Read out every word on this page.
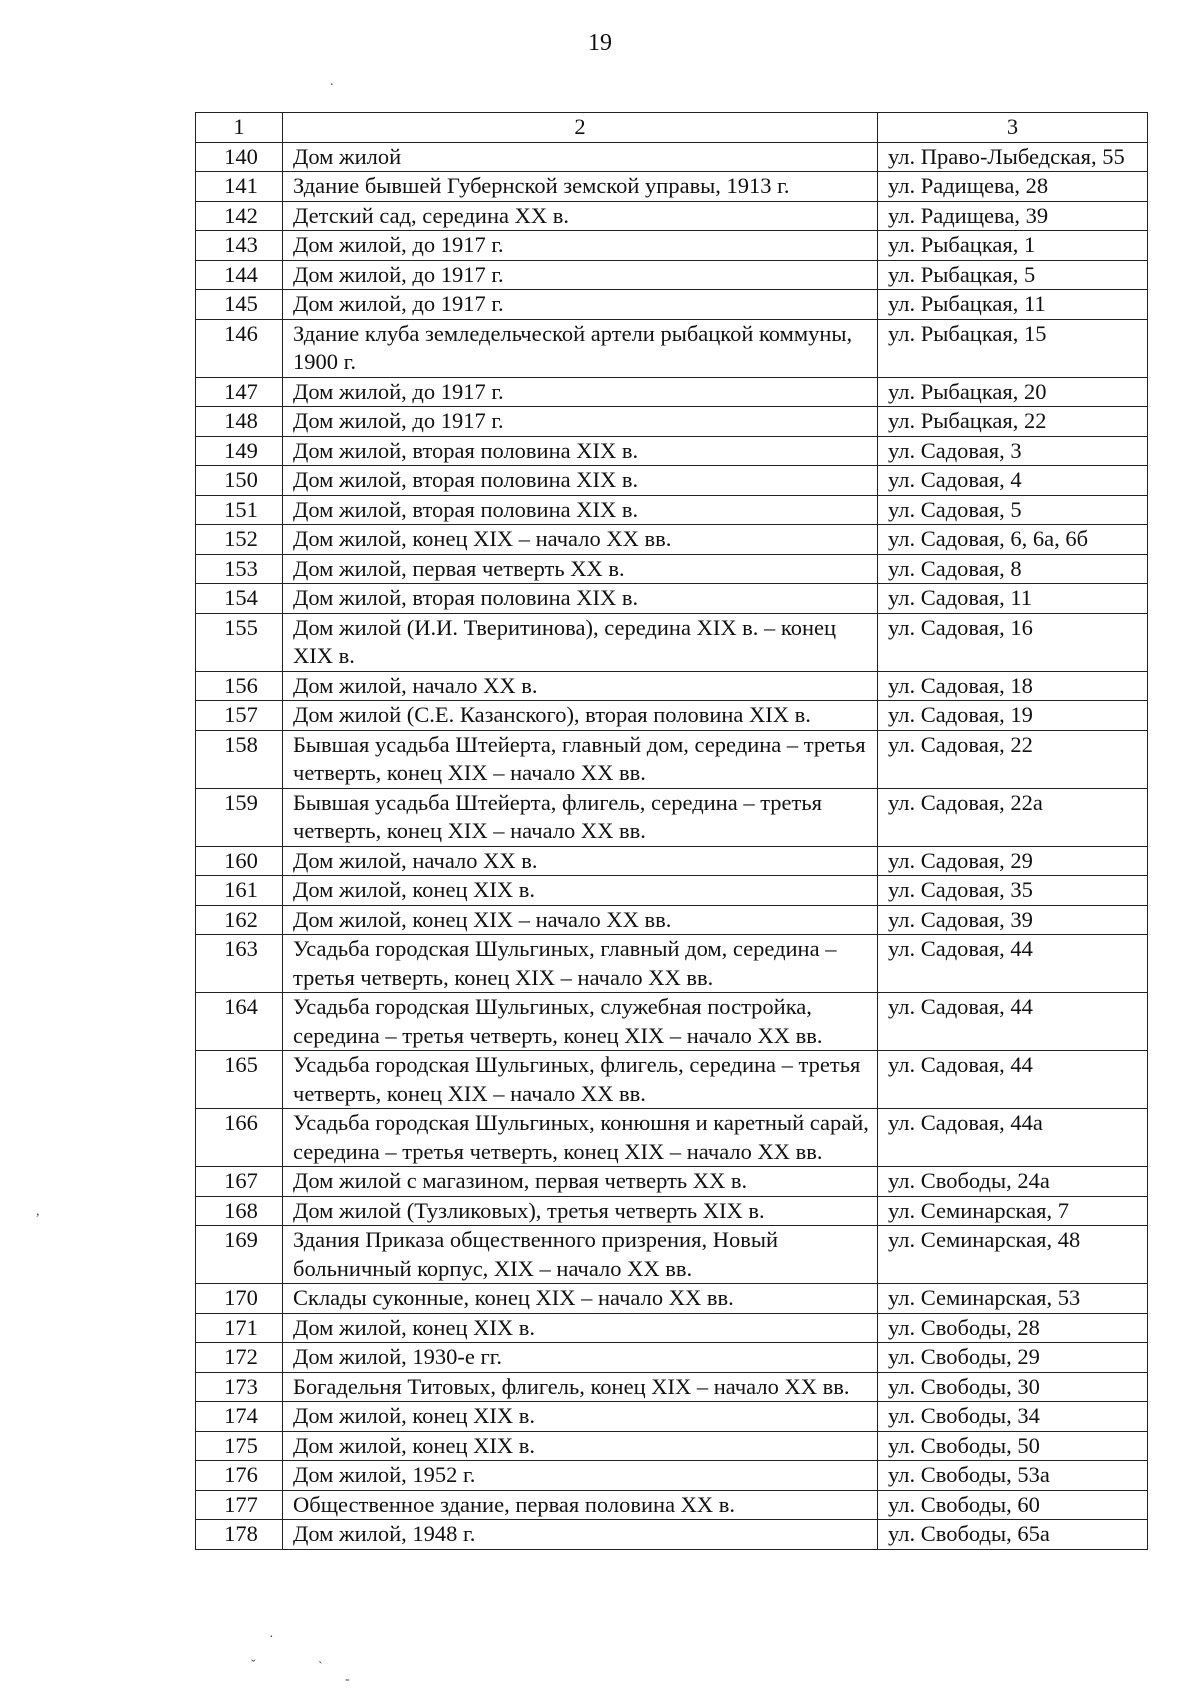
19
1	2	3
140	Дом жилой	ул. Право-Лыбедская, 55
141	Здание бывшей Губернской земской управы, 1913 г.	ул. Радищева, 28
142	Детский сад, середина XX в.	ул. Радищева, 39
143	Дом жилой, до 1917 г.	ул. Рыбацкая, 1
144	Дом жилой, до 1917 г.	ул. Рыбацкая, 5
145	Дом жилой, до 1917 г.	ул. Рыбацкая, 11
146	Здание клуба земледельческой артели рыбацкой коммуны, 1900 г.	ул. Рыбацкая, 15
147	Дом жилой, до 1917 г.	ул. Рыбацкая, 20
148	Дом жилой, до 1917 г.	ул. Рыбацкая, 22
149	Дом жилой, вторая половина XIX в.	ул. Садовая, 3
150	Дом жилой, вторая половина XIX в.	ул. Садовая, 4
151	Дом жилой, вторая половина XIX в.	ул. Садовая, 5
152	Дом жилой, конец XIX – начало XX вв.	ул. Садовая, 6, 6а, 6б
153	Дом жилой, первая четверть XX в.	ул. Садовая, 8
154	Дом жилой, вторая половина XIX в.	ул. Садовая, 11
155	Дом жилой (И.И. Тверитинова), середина XIX в. – конец XIX в.	ул. Садовая, 16
156	Дом жилой, начало XX в.	ул. Садовая, 18
157	Дом жилой (С.Е. Казанского), вторая половина XIX в.	ул. Садовая, 19
158	Бывшая усадьба Штейерта, главный дом, середина – третья четверть, конец XIX – начало XX вв.	ул. Садовая, 22
159	Бывшая усадьба Штейерта, флигель, середина – третья четверть, конец XIX – начало XX вв.	ул. Садовая, 22а
160	Дом жилой, начало XX в.	ул. Садовая, 29
161	Дом жилой, конец XIX в.	ул. Садовая, 35
162	Дом жилой, конец XIX – начало XX вв.	ул. Садовая, 39
163	Усадьба городская Шульгиных, главный дом, середина – третья четверть, конец XIX – начало XX вв.	ул. Садовая, 44
164	Усадьба городская Шульгиных, служебная постройка, середина – третья четверть, конец XIX – начало XX вв.	ул. Садовая, 44
165	Усадьба городская Шульгиных, флигель, середина – третья четверть, конец XIX – начало XX вв.	ул. Садовая, 44
166	Усадьба городская Шульгиных, конюшня и каретный сарай, середина – третья четверть, конец XIX – начало XX вв.	ул. Садовая, 44а
167	Дом жилой с магазином, первая четверть XX в.	ул. Свободы, 24а
168	Дом жилой (Тузликовых), третья четверть XIX в.	ул. Семинарская, 7
169	Здания Приказа общественного призрения, Новый больничный корпус, XIX – начало XX вв.	ул. Семинарская, 48
170	Склады суконные, конец XIX – начало XX вв.	ул. Семинарская, 53
171	Дом жилой, конец XIX в.	ул. Свободы, 28
172	Дом жилой, 1930-е гг.	ул. Свободы, 29
173	Богадельня Титовых, флигель, конец XIX – начало XX вв.	ул. Свободы, 30
174	Дом жилой, конец XIX в.	ул. Свободы, 34
175	Дом жилой, конец XIX в.	ул. Свободы, 50
176	Дом жилой, 1952 г.	ул. Свободы, 53а
177	Общественное здание, первая половина XX в.	ул. Свободы, 60
178	Дом жилой, 1948 г.	ул. Свободы, 65а
.
,
·
ˇ	ˋ
-
